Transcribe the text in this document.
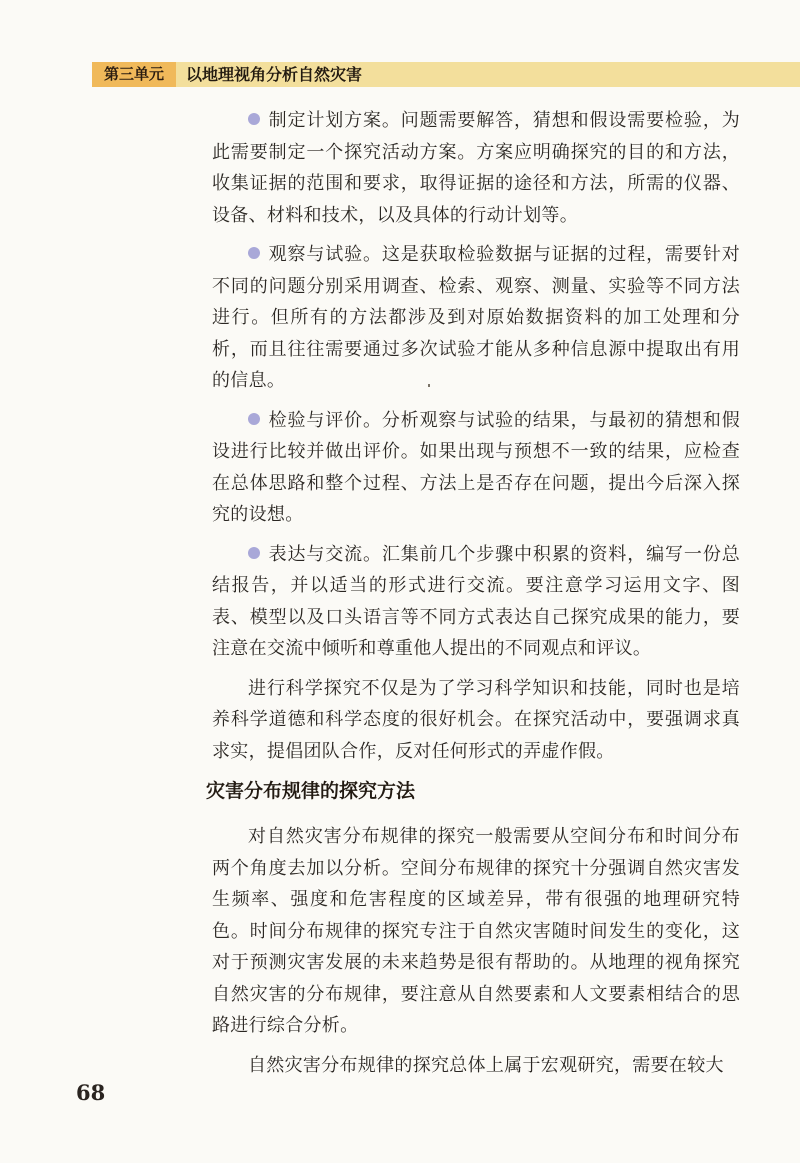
第三单元	以地理视角分析自然灾害

制定计划方案。问题需要解答，猜想和假设需要检验，为此需要制定一个探究活动方案。方案应明确探究的目的和方法，收集证据的范围和要求，取得证据的途径和方法，所需的仪器、设备、材料和技术，以及具体的行动计划等。

观察与试验。这是获取检验数据与证据的过程，需要针对不同的问题分别采用调查、检索、观察、测量、实验等不同方法进行。但所有的方法都涉及到对原始数据资料的加工处理和分析，而且往往需要通过多次试验才能从多种信息源中提取出有用的信息。

检验与评价。分析观察与试验的结果，与最初的猜想和假设进行比较并做出评价。如果出现与预想不一致的结果，应检查在总体思路和整个过程、方法上是否存在问题，提出今后深入探究的设想。

表达与交流。汇集前几个步骤中积累的资料，编写一份总结报告，并以适当的形式进行交流。要注意学习运用文字、图表、模型以及口头语言等不同方式表达自己探究成果的能力，要注意在交流中倾听和尊重他人提出的不同观点和评议。

进行科学探究不仅是为了学习科学知识和技能，同时也是培养科学道德和科学态度的很好机会。在探究活动中，要强调求真求实，提倡团队合作，反对任何形式的弄虚作假。

灾害分布规律的探究方法

对自然灾害分布规律的探究一般需要从空间分布和时间分布两个角度去加以分析。空间分布规律的探究十分强调自然灾害发生频率、强度和危害程度的区域差异，带有很强的地理研究特色。时间分布规律的探究专注于自然灾害随时间发生的变化，这对于预测灾害发展的未来趋势是很有帮助的。从地理的视角探究自然灾害的分布规律，要注意从自然要素和人文要素相结合的思路进行综合分析。

自然灾害分布规律的探究总体上属于宏观研究，需要在较大

68
